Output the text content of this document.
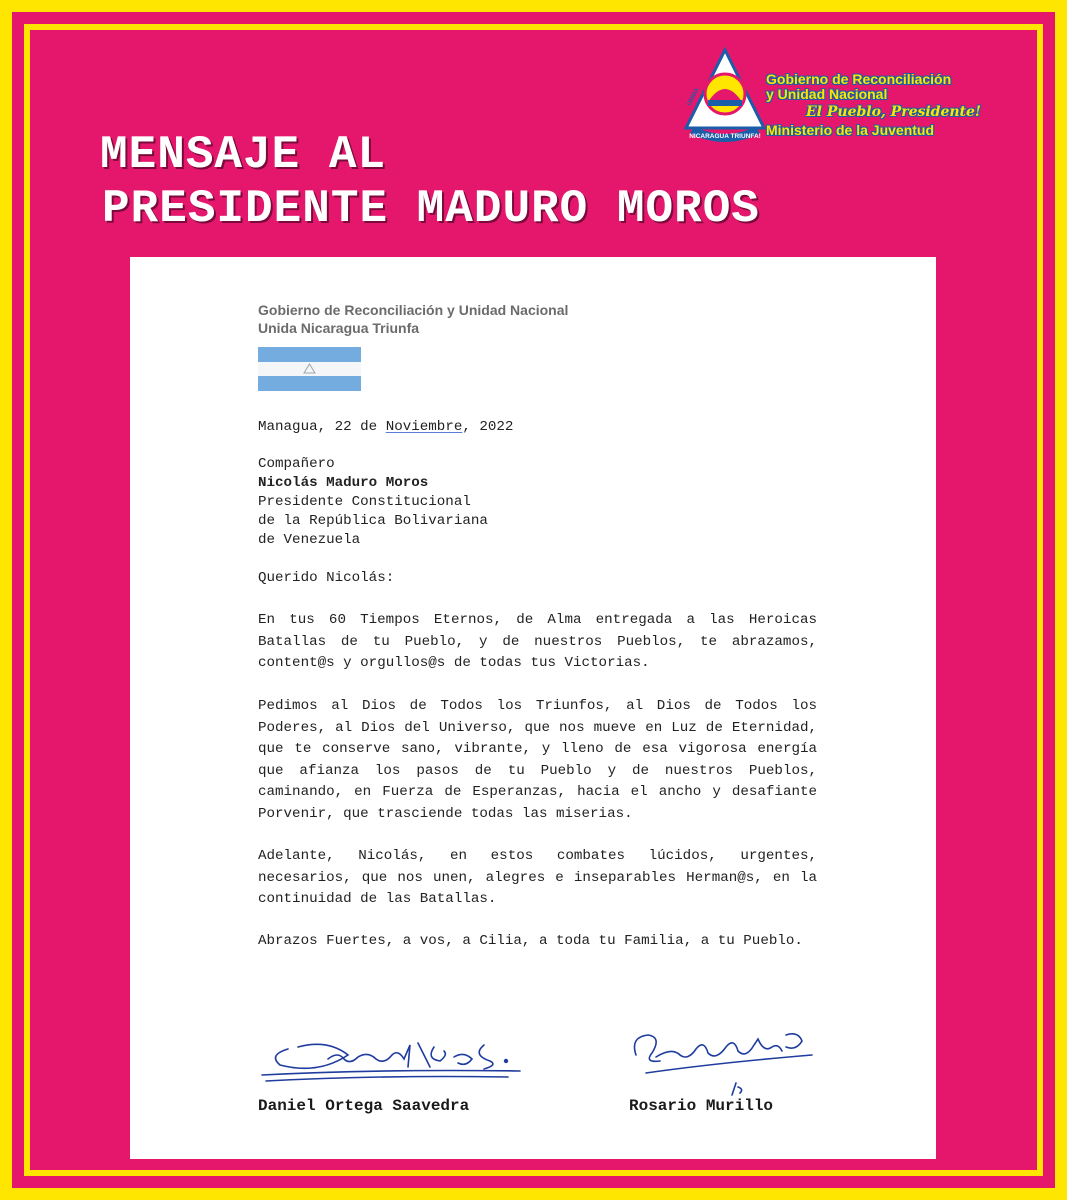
MENSAJE AL
PRESIDENTE MADURO MOROS
NICARAGUA TRIUNFA!
UNIDA
Gobierno de Reconciliación
y Unidad Nacional
El Pueblo, Presidente!
Ministerio de la Juventud
Gobierno de Reconciliación y Unidad Nacional
Unida Nicaragua Triunfa
Managua, 22 de Noviembre, 2022
Compañero
Nicolás Maduro Moros
Presidente Constitucional
de la República Bolivariana
de Venezuela
Querido Nicolás:

En tus 60 Tiempos Eternos, de Alma entregada a las Heroicas Batallas de tu Pueblo, y de nuestros Pueblos, te abrazamos, content@s y orgullos@s de todas tus Victorias.

Pedimos al Dios de Todos los Triunfos, al Dios de Todos los Poderes, al Dios del Universo, que nos mueve en Luz de Eternidad, que te conserve sano, vibrante, y lleno de esa vigorosa energía que afianza los pasos de tu Pueblo y de nuestros Pueblos, caminando, en Fuerza de Esperanzas, hacia el ancho y desafiante Porvenir, que trasciende todas las miserias.

Adelante, Nicolás, en estos combates lúcidos, urgentes, necesarios, que nos unen, alegres e inseparables Herman@s, en la continuidad de las Batallas.

Abrazos Fuertes, a vos, a Cilia, a toda tu Familia, a tu Pueblo.

Daniel Ortega Saavedra	Rosario Murillo
